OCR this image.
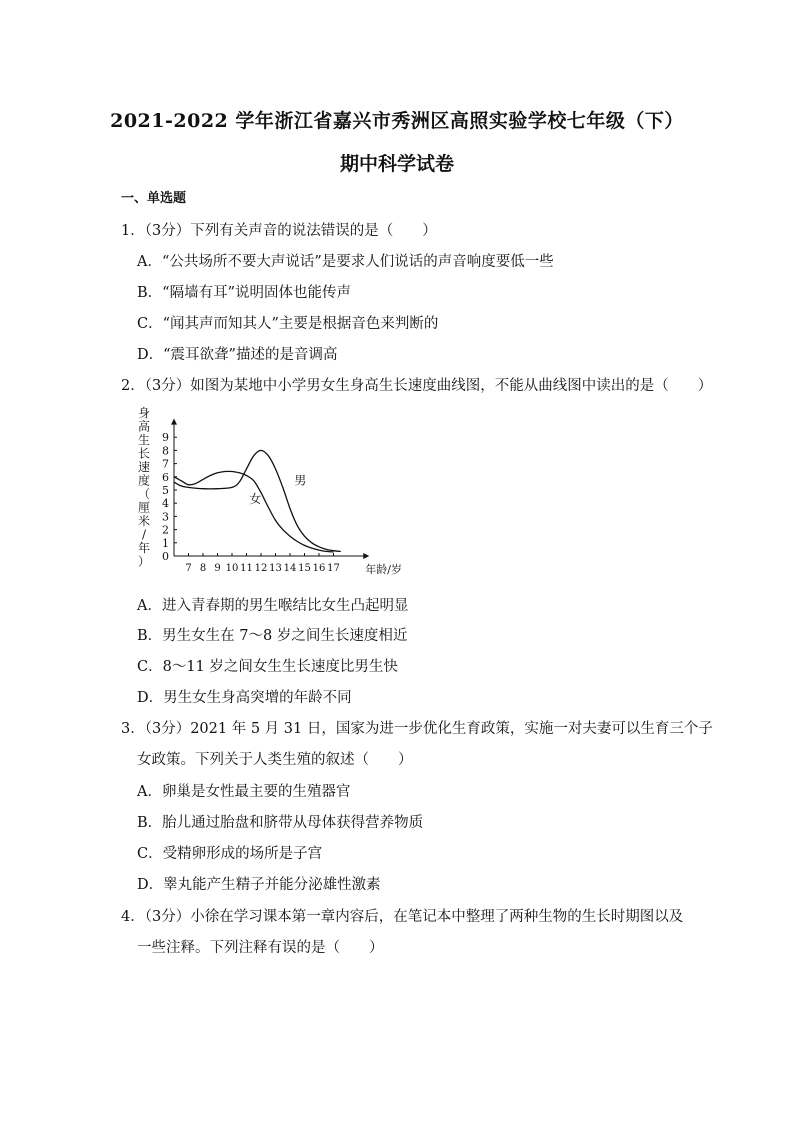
2021-2022 学年浙江省嘉兴市秀洲区高照实验学校七年级（下）
期中科学试卷
一、单选题
1．（3分）下列有关声音的说法错误的是（　　）
A．“公共场所不要大声说话”是要求人们说话的声音响度要低一些
B．“隔墙有耳”说明固体也能传声
C．“闻其声而知其人”主要是根据音色来判断的
D．“震耳欲聋”描述的是音调高
2．（3分）如图为某地中小学男女生身高生长速度曲线图，不能从曲线图中读出的是（　　）
0
1
2
3
4
5
6
7
8
9
7 8 9 10 11 12 13 14 15 16 17 年龄/岁
身
高
生
长
速
度
（
厘
米
/
年
）
男
女
A．进入青春期的男生喉结比女生凸起明显
B．男生女生在 7～8 岁之间生长速度相近
C．8～11 岁之间女生生长速度比男生快
D．男生女生身高突增的年龄不同
3．（3分）2021 年 5 月 31 日，国家为进一步优化生育政策，实施一对夫妻可以生育三个子
女政策。下列关于人类生殖的叙述（　　）
A．卵巢是女性最主要的生殖器官
B．胎儿通过胎盘和脐带从母体获得营养物质
C．受精卵形成的场所是子宫
D．睾丸能产生精子并能分泌雄性激素
4．（3分）小徐在学习课本第一章内容后，在笔记本中整理了两种生物的生长时期图以及
一些注释。下列注释有误的是（　　）
